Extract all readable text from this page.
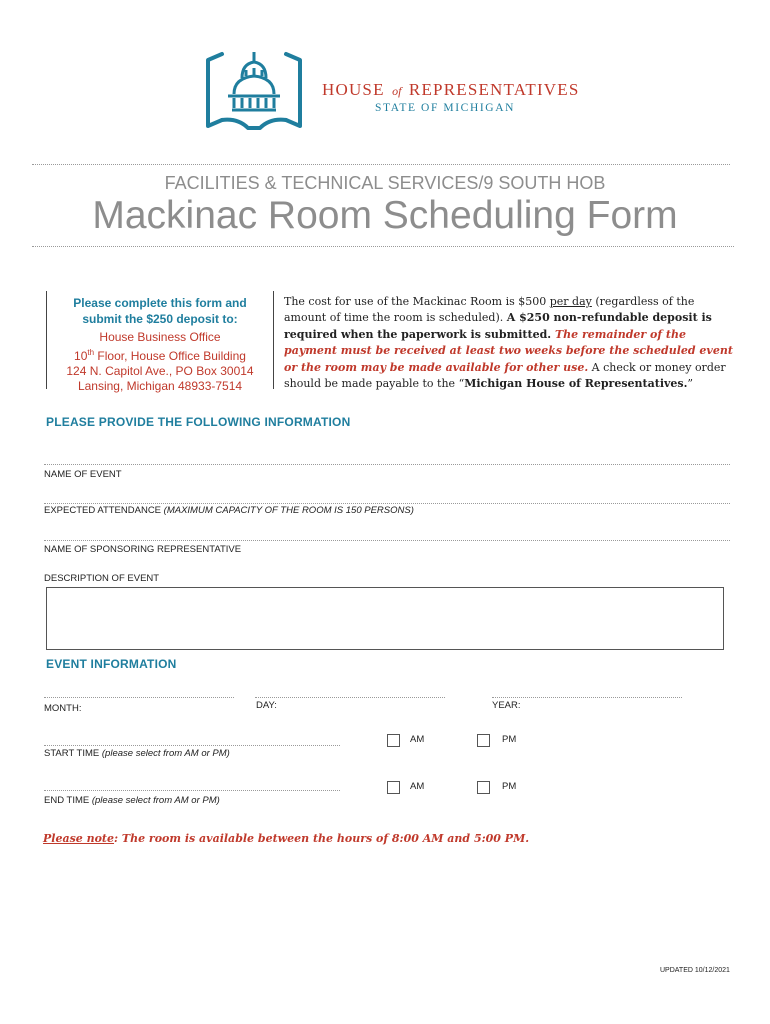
HOUSE of REPRESENTATIVES
STATE OF MICHIGAN
FACILITIES & TECHNICAL SERVICES/9 SOUTH HOB
Mackinac Room Scheduling Form
Please complete this form and
submit the $250 deposit to:
House Business Office
10th Floor, House Office Building
124 N. Capitol Ave., PO Box 30014
Lansing, Michigan 48933-7514
The cost for use of the Mackinac Room is $500 per day (regardless of the amount of time the room is scheduled). A $250 non-refundable deposit is required when the paperwork is submitted. The remainder of the payment must be received at least two weeks before the scheduled event or the room may be made available for other use. A check or money order should be made payable to the “Michigan House of Representatives.”
PLEASE PROVIDE THE FOLLOWING INFORMATION
NAME OF EVENT
EXPECTED ATTENDANCE (MAXIMUM CAPACITY OF THE ROOM IS 150 PERSONS)
NAME OF SPONSORING REPRESENTATIVE
DESCRIPTION OF EVENT
EVENT INFORMATION
MONTH:	DAY:	YEAR:
START TIME (please select from AM or PM)
AM	PM
END TIME (please select from AM or PM)
AM	PM
Please note: The room is available between the hours of 8:00 AM and 5:00 PM.
UPDATED 10/12/2021
